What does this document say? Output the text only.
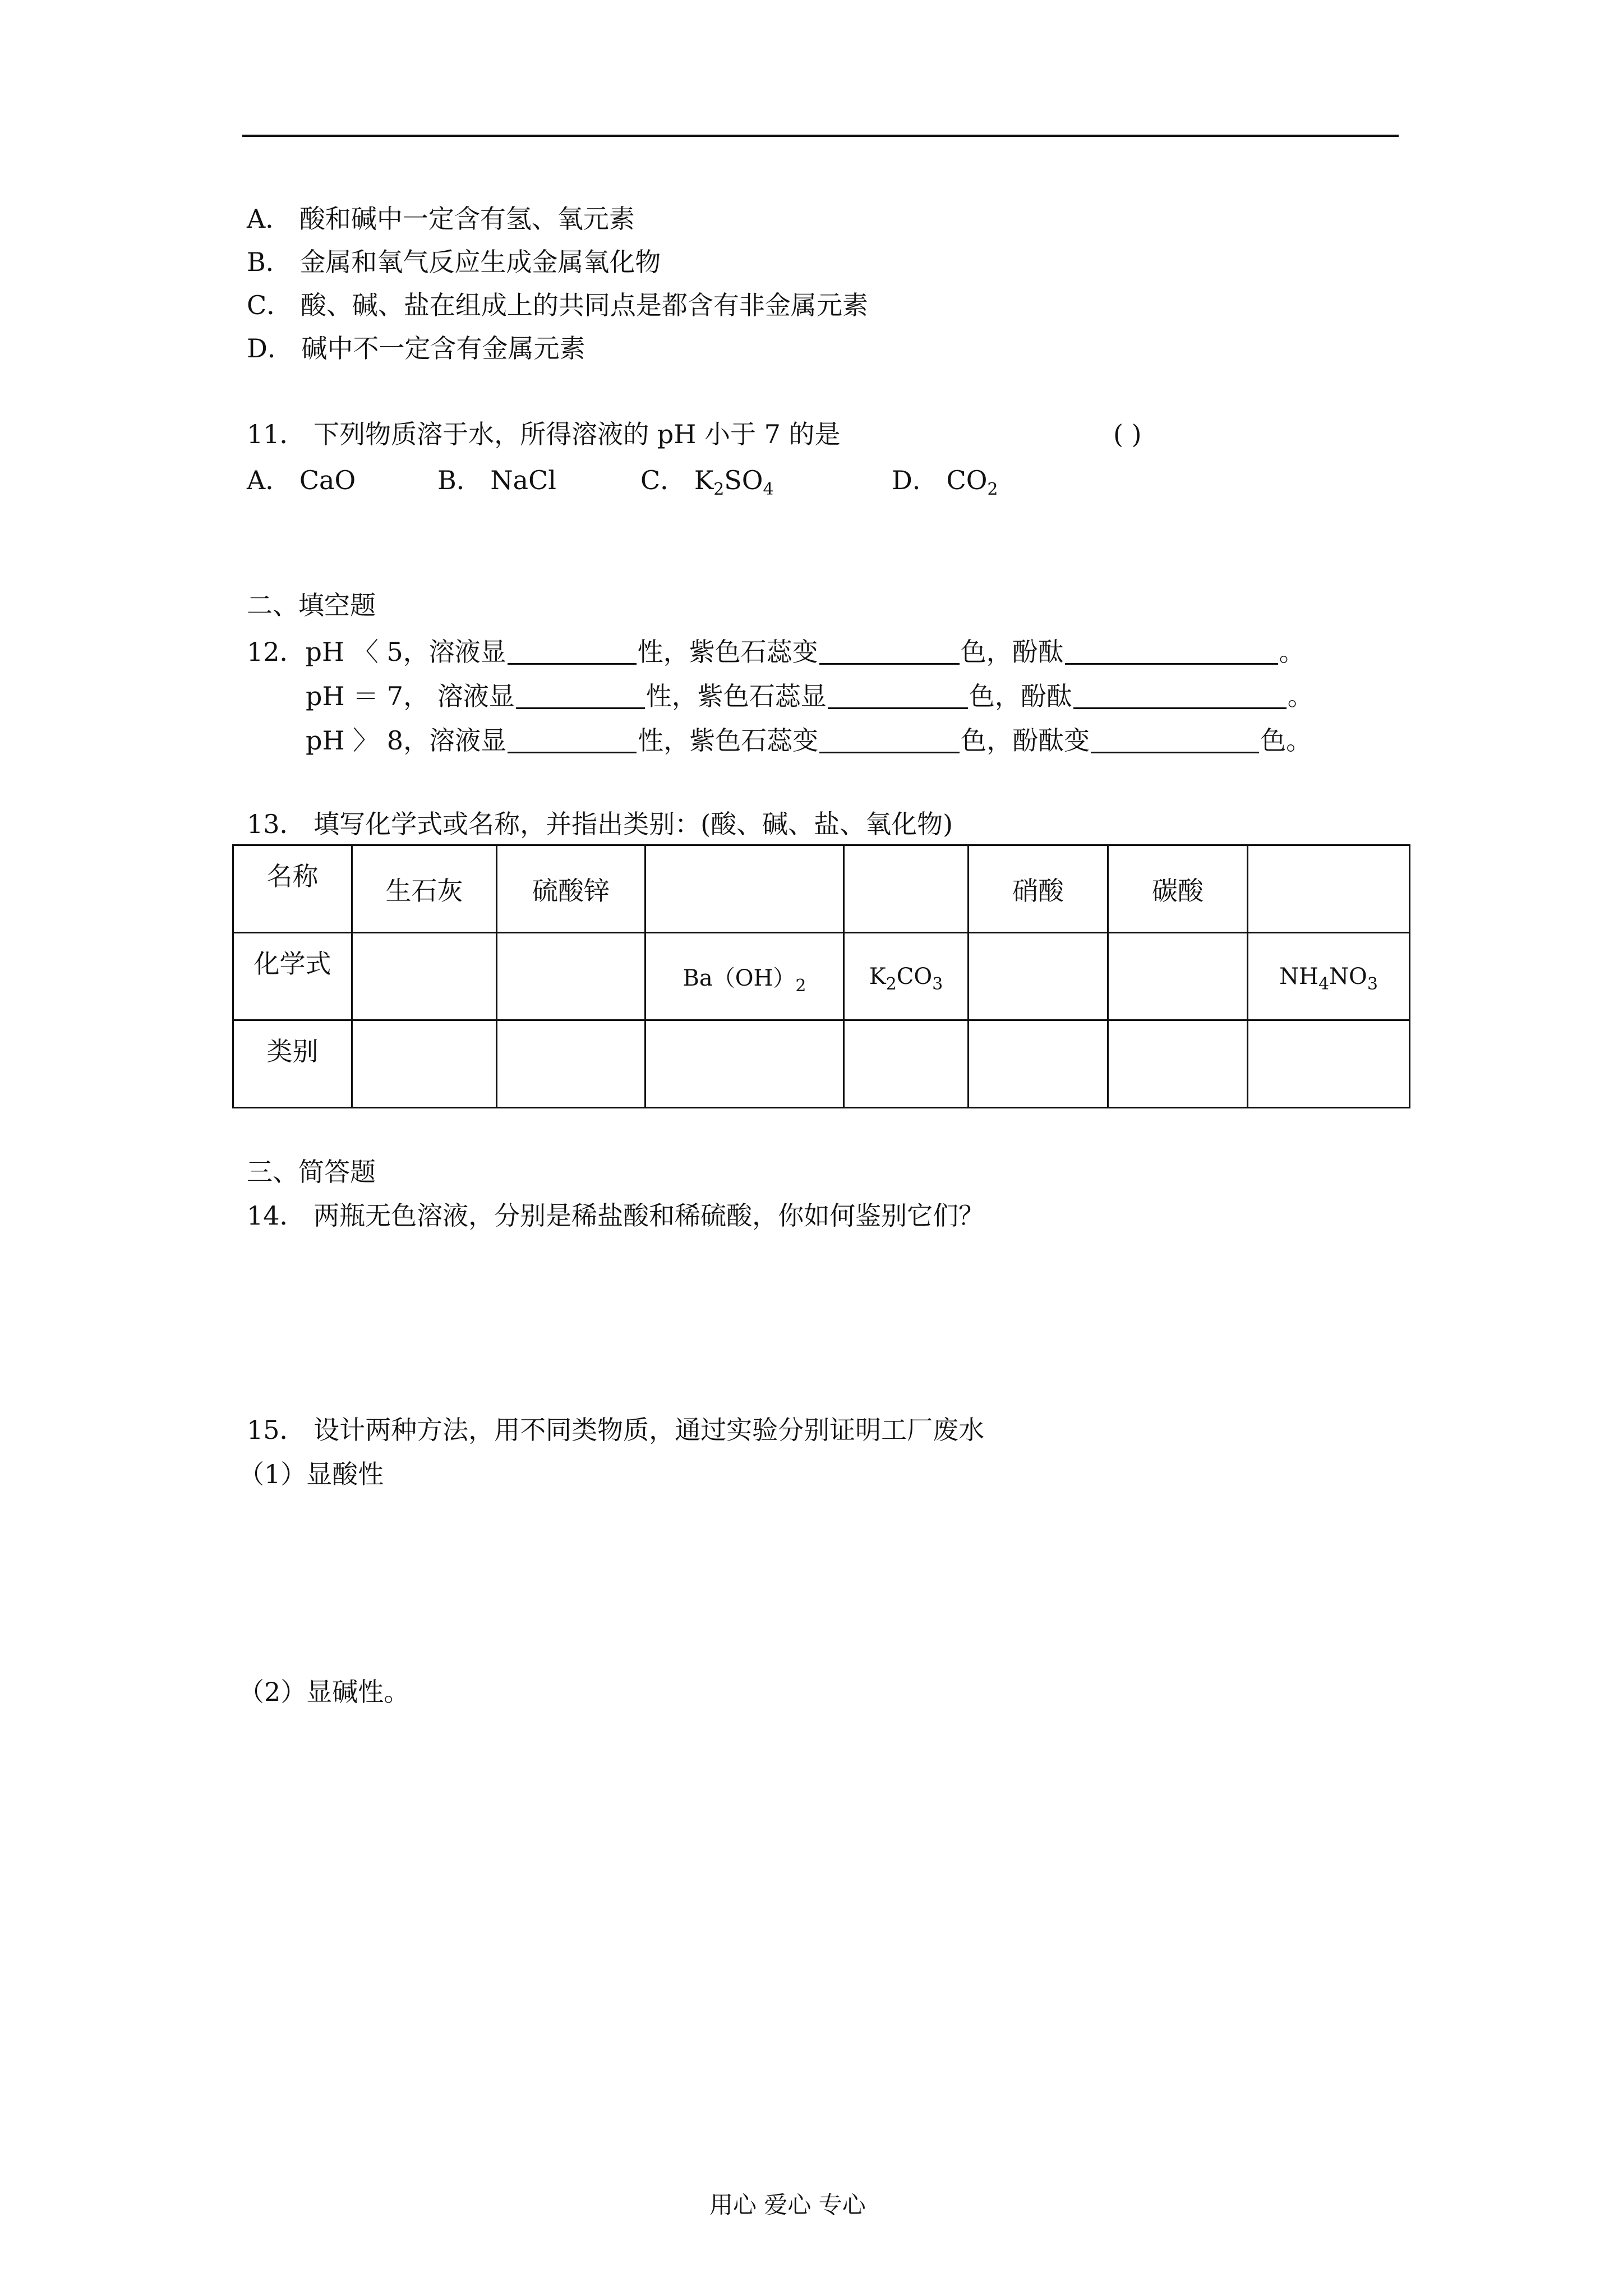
A． 酸和碱中一定含有氢、氧元素
B． 金属和氧气反应生成金属氧化物
C． 酸、碱、盐在组成上的共同点是都含有非金属元素
D． 碱中不一定含有金属元素
11． 下列物质溶于水，所得溶液的 pH 小于 7 的是	( )
A． CaO	B． NaCl	C． $K_2SO_4$	D． $CO_2$
二、填空题
12．pH 〈 5，溶液显	性，紫色石蕊变	色，酚酞	。
pH ＝ 7， 溶液显	性，紫色石蕊显	色，酚酞	。
pH 〉 8，溶液显	性，紫色石蕊变	色，酚酞变	色。
13． 填写化学式或名称，并指出类别：(酸、碱、盐、氧化物)
名称	生石灰	硫酸锌			硝酸	碳酸	
化学式			$Ba(OH)_2$	$K_2CO_3$			$NH_4NO_3$
类别							
三、简答题
14． 两瓶无色溶液，分别是稀盐酸和稀硫酸，你如何鉴别它们？
15． 设计两种方法，用不同类物质，通过实验分别证明工厂废水
（1）显酸性
（2）显碱性。
用心 爱心 专心
